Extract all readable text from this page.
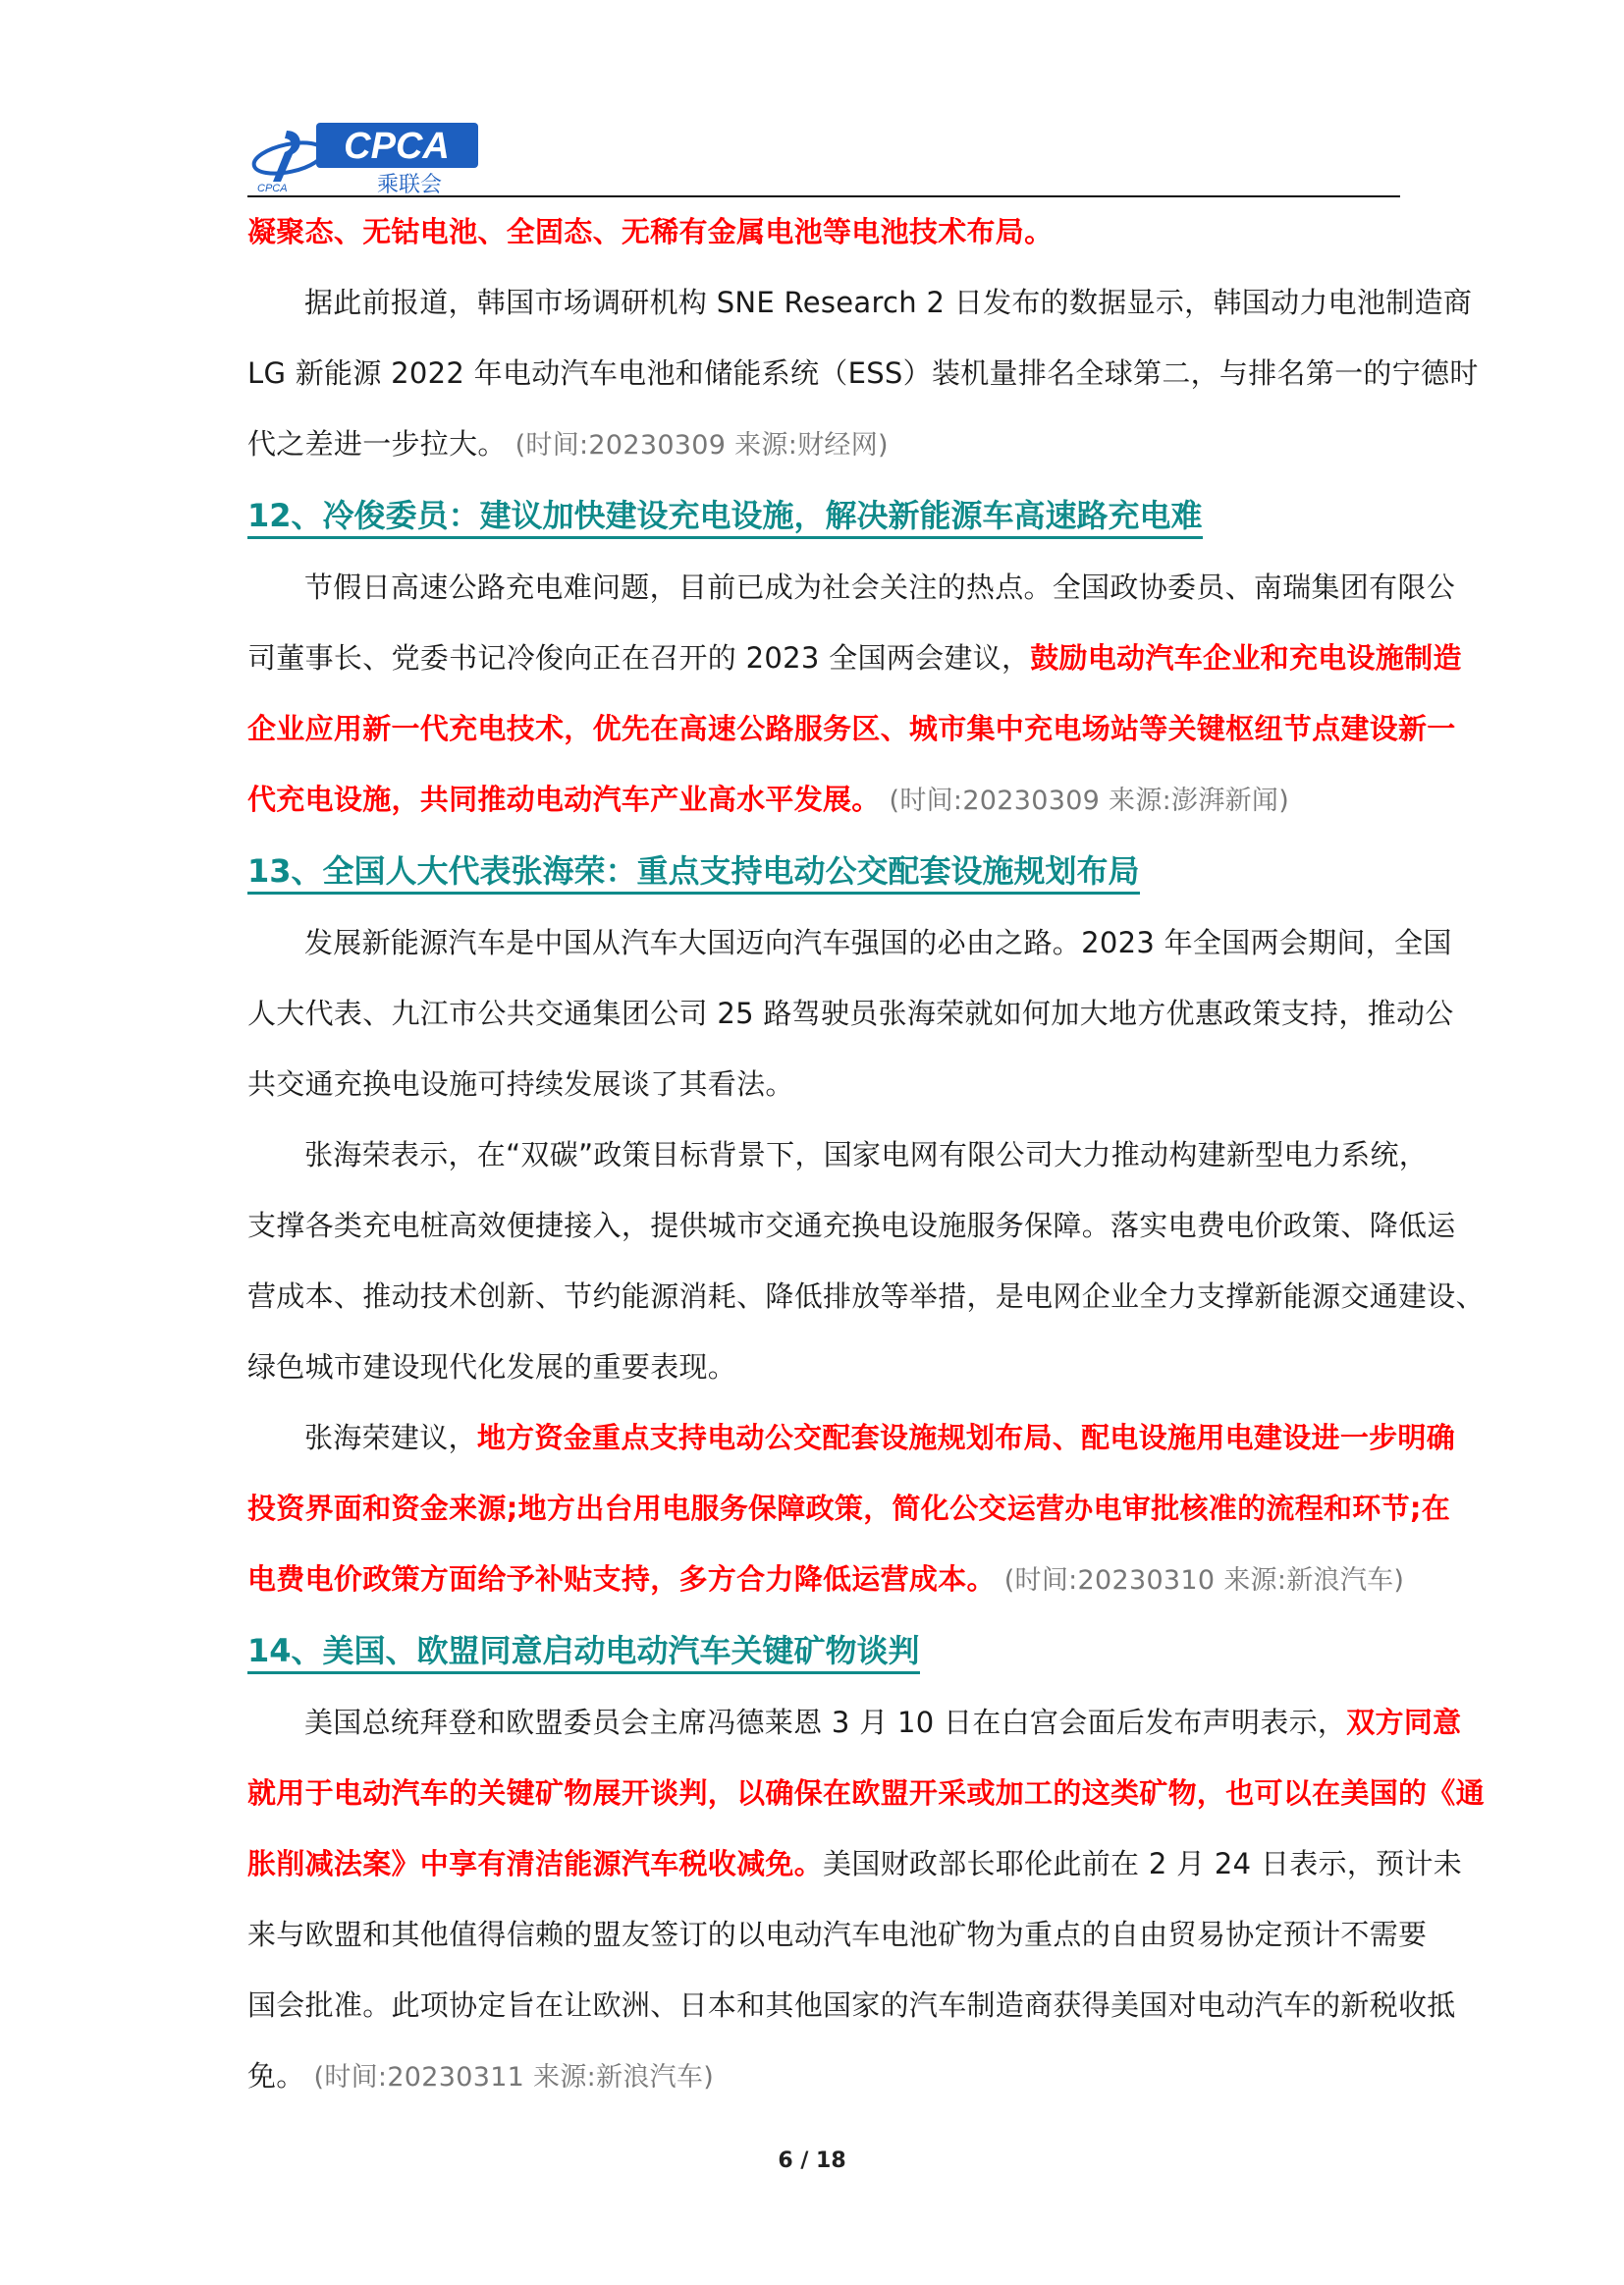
CPCA
乘联会
CPCA
凝聚态、无钴电池、全固态、无稀有金属电池等电池技术布局。
据此前报道，韩国市场调研机构 SNE Research 2 日发布的数据显示，韩国动力电池制造商
LG 新能源 2022 年电动汽车电池和储能系统（ESS）装机量排名全球第二，与排名第一的宁德时
代之差进一步拉大。 (时间:20230309 来源:财经网)
12、冷俊委员：建议加快建设充电设施，解决新能源车高速路充电难
节假日高速公路充电难问题，目前已成为社会关注的热点。全国政协委员、南瑞集团有限公
司董事长、党委书记冷俊向正在召开的 2023 全国两会建议，鼓励电动汽车企业和充电设施制造
企业应用新一代充电技术，优先在高速公路服务区、城市集中充电场站等关键枢纽节点建设新一
代充电设施，共同推动电动汽车产业高水平发展。 (时间:20230309 来源:澎湃新闻)
13、全国人大代表张海荣：重点支持电动公交配套设施规划布局
发展新能源汽车是中国从汽车大国迈向汽车强国的必由之路。2023 年全国两会期间，全国
人大代表、九江市公共交通集团公司 25 路驾驶员张海荣就如何加大地方优惠政策支持，推动公
共交通充换电设施可持续发展谈了其看法。
张海荣表示，在“双碳”政策目标背景下，国家电网有限公司大力推动构建新型电力系统，
支撑各类充电桩高效便捷接入，提供城市交通充换电设施服务保障。落实电费电价政策、降低运
营成本、推动技术创新、节约能源消耗、降低排放等举措，是电网企业全力支撑新能源交通建设、
绿色城市建设现代化发展的重要表现。
张海荣建议，地方资金重点支持电动公交配套设施规划布局、配电设施用电建设进一步明确
投资界面和资金来源;地方出台用电服务保障政策，简化公交运营办电审批核准的流程和环节;在
电费电价政策方面给予补贴支持，多方合力降低运营成本。 (时间:20230310 来源:新浪汽车)
14、美国、欧盟同意启动电动汽车关键矿物谈判
美国总统拜登和欧盟委员会主席冯德莱恩 3 月 10 日在白宫会面后发布声明表示，双方同意
就用于电动汽车的关键矿物展开谈判，以确保在欧盟开采或加工的这类矿物，也可以在美国的《通
胀削减法案》中享有清洁能源汽车税收减免。美国财政部长耶伦此前在 2 月 24 日表示，预计未
来与欧盟和其他值得信赖的盟友签订的以电动汽车电池矿物为重点的自由贸易协定预计不需要
国会批准。此项协定旨在让欧洲、日本和其他国家的汽车制造商获得美国对电动汽车的新税收抵
免。 (时间:20230311 来源:新浪汽车)
6 / 18
